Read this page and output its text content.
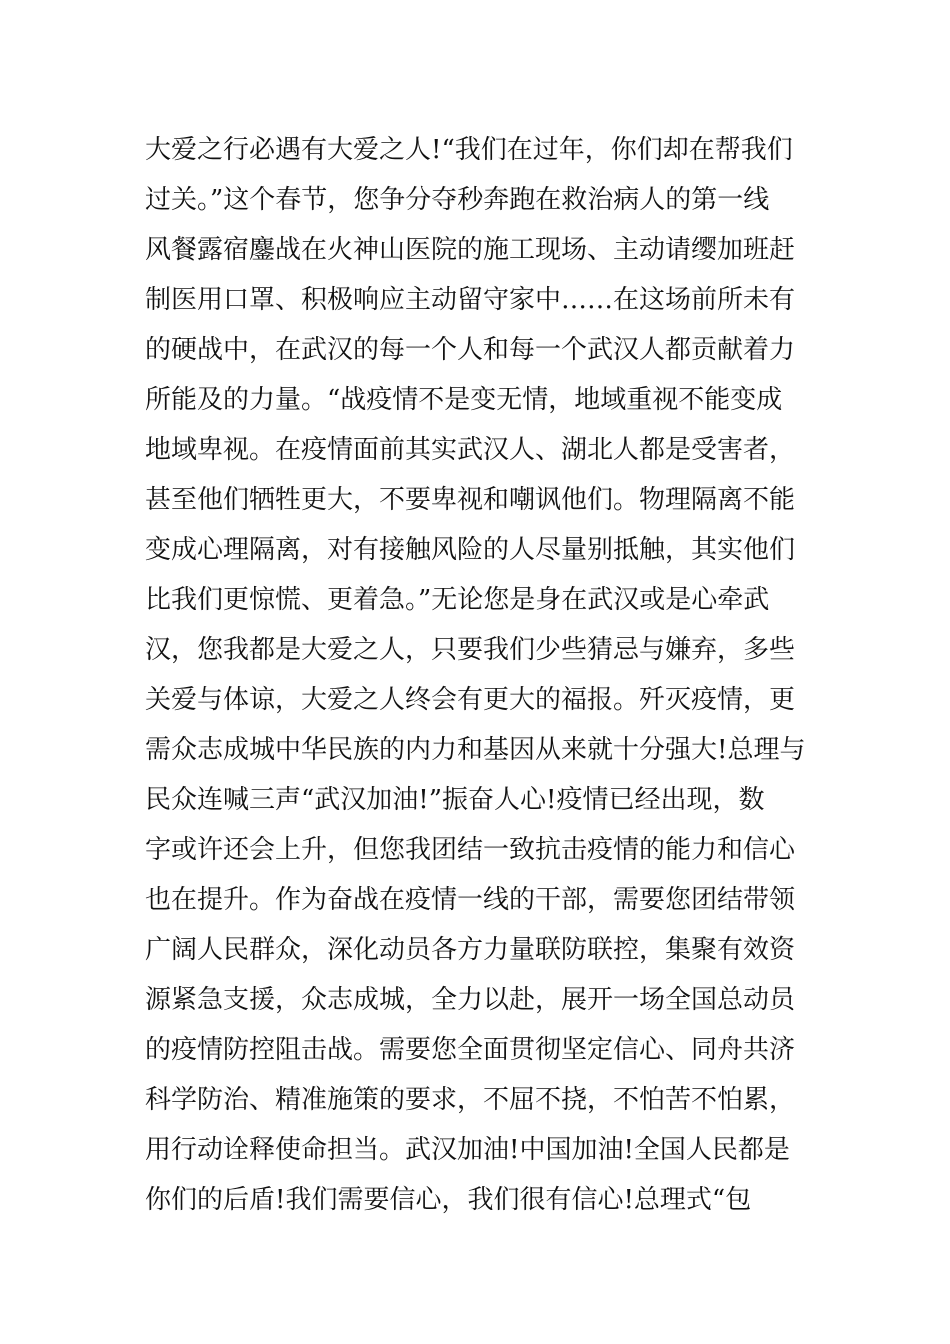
大爱之行必遇有大爱之人!“我们在过年，你们却在帮我们
过关。”这个春节，您争分夺秒奔跑在救治病人的第一线
风餐露宿鏖战在火神山医院的施工现场、主动请缨加班赶
制医用口罩、积极响应主动留守家中……在这场前所未有
的硬战中，在武汉的每一个人和每一个武汉人都贡献着力
所能及的力量。“战疫情不是变无情，地域重视不能变成
地域卑视。在疫情面前其实武汉人、湖北人都是受害者，
甚至他们牺牲更大，不要卑视和嘲讽他们。物理隔离不能
变成心理隔离，对有接触风险的人尽量别抵触，其实他们
比我们更惊慌、更着急。”无论您是身在武汉或是心牵武
汉，您我都是大爱之人，只要我们少些猜忌与嫌弃，多些
关爱与体谅，大爱之人终会有更大的福报。歼灭疫情，更
需众志成城中华民族的内力和基因从来就十分强大!总理与
民众连喊三声“武汉加油!”振奋人心!疫情已经出现，数
字或许还会上升，但您我团结一致抗击疫情的能力和信心
也在提升。作为奋战在疫情一线的干部，需要您团结带领
广阔人民群众，深化动员各方力量联防联控，集聚有效资
源紧急支援，众志成城，全力以赴，展开一场全国总动员
的疫情防控阻击战。需要您全面贯彻坚定信心、同舟共济
科学防治、精准施策的要求，不屈不挠，不怕苦不怕累，
用行动诠释使命担当。武汉加油!中国加油!全国人民都是
你们的后盾!我们需要信心，我们很有信心!总理式“包
